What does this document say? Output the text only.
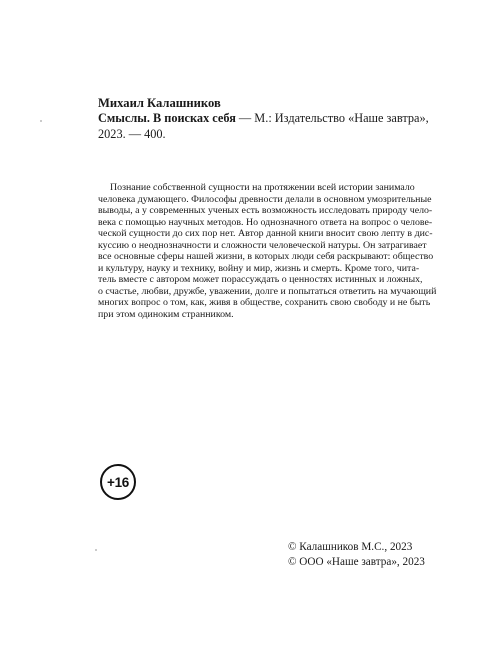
Михаил Калашников

Смыслы. В поисках себя — М.: Издательство «Наше завтра»,
2023. — 400.

Познание собственной сущности на протяжении всей истории занимало
человека думающего. Философы древности делали в основном умозрительные
выводы, а у современных ученых есть возможность исследовать природу чело-
века с помощью научных методов. Но однозначного ответа на вопрос о челове-
ческой сущности до сих пор нет. Автор данной книги вносит свою лепту в дис-
куссию о неоднозначности и сложности человеческой натуры. Он затрагивает
все основные сферы нашей жизни, в которых люди себя раскрывают: общество
и культуру, науку и технику, войну и мир, жизнь и смерть. Кроме того, чита-
тель вместе с автором может порассуждать о ценностях истинных и ложных,
о счастье, любви, дружбе, уважении, долге и попытаться ответить на мучающий
многих вопрос о том, как, живя в обществе, сохранить свою свободу и не быть
при этом одиноким странником.
+16
© Калашников М.С., 2023
© ООО «Наше завтра», 2023
